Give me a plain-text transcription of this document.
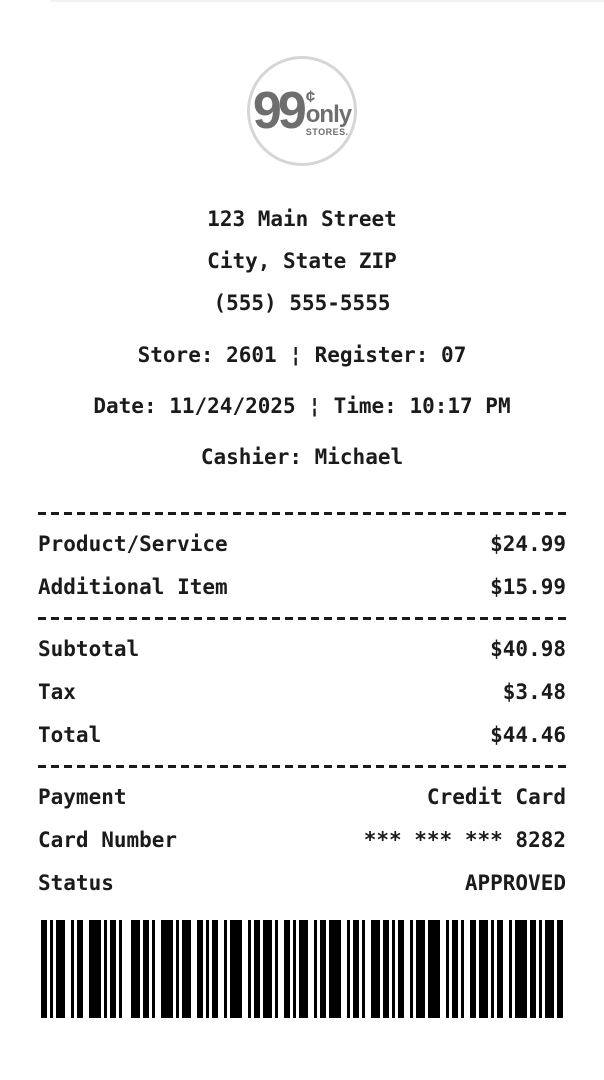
99 ¢
only
STORES.
123 Main Street
City, State ZIP
(555) 555-5555
Store: 2601 ¦ Register: 07
Date: 11/24/2025 ¦ Time: 10:17 PM
Cashier: Michael
Product/Service	$24.99
Additional Item	$15.99
Subtotal	$40.98
Tax	$3.48
Total	$44.46
Payment	Credit Card
Card Number	*** *** *** 8282
Status	APPROVED
